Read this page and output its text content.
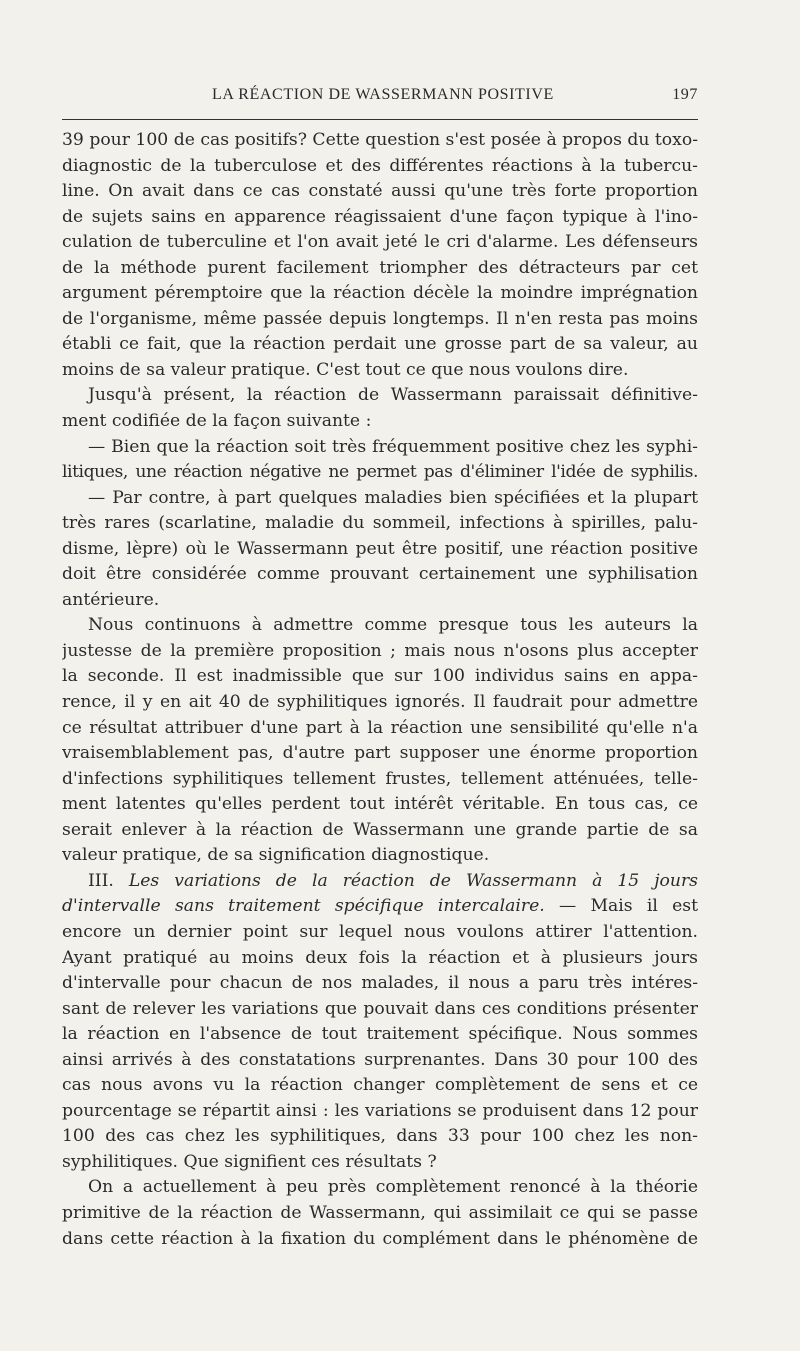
LA RÉACTION DE WASSERMANN POSITIVE	197
39 pour 100 de cas positifs? Cette question s'est posée à propos du toxo-
diagnostic de la tuberculose et des différentes réactions à la tubercu-
line. On avait dans ce cas constaté aussi qu'une très forte proportion
de sujets sains en apparence réagissaient d'une façon typique à l'ino-
culation de tuberculine et l'on avait jeté le cri d'alarme. Les défenseurs
de la méthode purent facilement triompher des détracteurs par cet
argument péremptoire que la réaction décèle la moindre imprégnation
de l'organisme, même passée depuis longtemps. Il n'en resta pas moins
établi ce fait, que la réaction perdait une grosse part de sa valeur, au
moins de sa valeur pratique. C'est tout ce que nous voulons dire.
Jusqu'à présent, la réaction de Wassermann paraissait définitive-
ment codifiée de la façon suivante :
— Bien que la réaction soit très fréquemment positive chez les syphi-
litiques, une réaction négative ne permet pas d'éliminer l'idée de syphilis.
— Par contre, à part quelques maladies bien spécifiées et la plupart
très rares (scarlatine, maladie du sommeil, infections à spirilles, palu-
disme, lèpre) où le Wassermann peut être positif, une réaction positive
doit être considérée comme prouvant certainement une syphilisation
antérieure.
Nous continuons à admettre comme presque tous les auteurs la
justesse de la première proposition ; mais nous n'osons plus accepter
la seconde. Il est inadmissible que sur 100 individus sains en appa-
rence, il y en ait 40 de syphilitiques ignorés. Il faudrait pour admettre
ce résultat attribuer d'une part à la réaction une sensibilité qu'elle n'a
vraisemblablement pas, d'autre part supposer une énorme proportion
d'infections syphilitiques tellement frustes, tellement atténuées, telle-
ment latentes qu'elles perdent tout intérêt véritable. En tous cas, ce
serait enlever à la réaction de Wassermann une grande partie de sa
valeur pratique, de sa signification diagnostique.
III. Les variations de la réaction de Wassermann à 15 jours
d'intervalle sans traitement spécifique intercalaire. — Mais il est
encore un dernier point sur lequel nous voulons attirer l'attention.
Ayant pratiqué au moins deux fois la réaction et à plusieurs jours
d'intervalle pour chacun de nos malades, il nous a paru très intéres-
sant de relever les variations que pouvait dans ces conditions présenter
la réaction en l'absence de tout traitement spécifique. Nous sommes
ainsi arrivés à des constatations surprenantes. Dans 30 pour 100 des
cas nous avons vu la réaction changer complètement de sens et ce
pourcentage se répartit ainsi : les variations se produisent dans 12 pour
100 des cas chez les syphilitiques, dans 33 pour 100 chez les non-
syphilitiques. Que signifient ces résultats ?
On a actuellement à peu près complètement renoncé à la théorie
primitive de la réaction de Wassermann, qui assimilait ce qui se passe
dans cette réaction à la fixation du complément dans le phénomène de
